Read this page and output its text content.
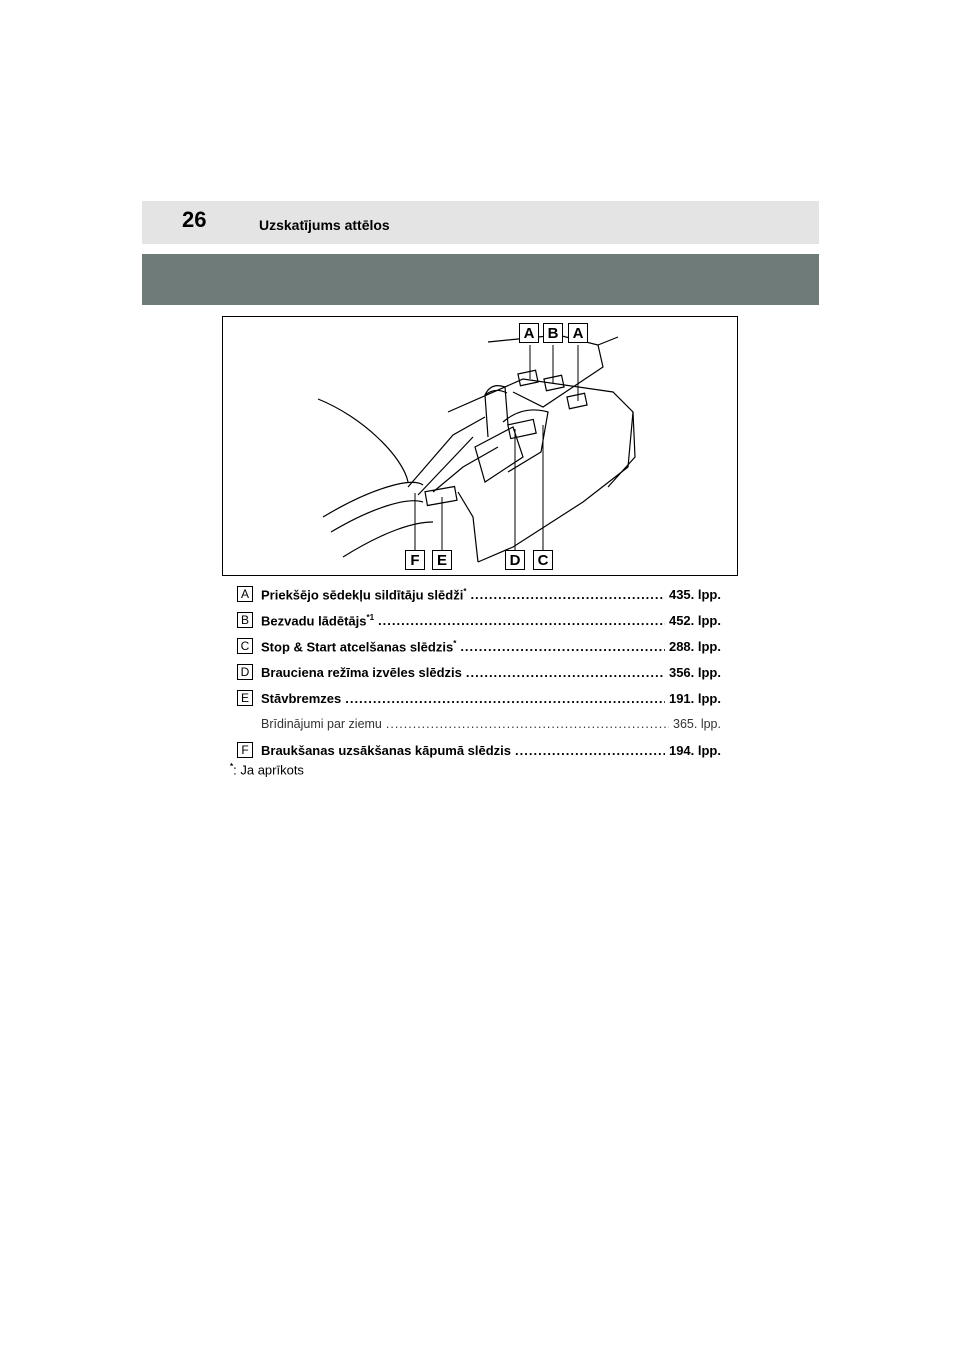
26	Uzskatījums attēlos
A B A
F	E	D	C
A Priekšējo sēdekļu sildītāju slēdži* .....	435. lpp.
B Bezvadu lādētājs$^{*1}$ .....	452. lpp.
C Stop & Start atcelšanas slēdzis* .....	288. lpp.
D Brauciena režīma izvēles slēdzis .....	356. lpp.
E Stāvbremzes .....	191. lpp.
Brīdinājumi par ziemu .....	365. lpp.
F Braukšanas uzsākšanas kāpumā slēdzis .....	194. lpp.
*: Ja aprīkots
